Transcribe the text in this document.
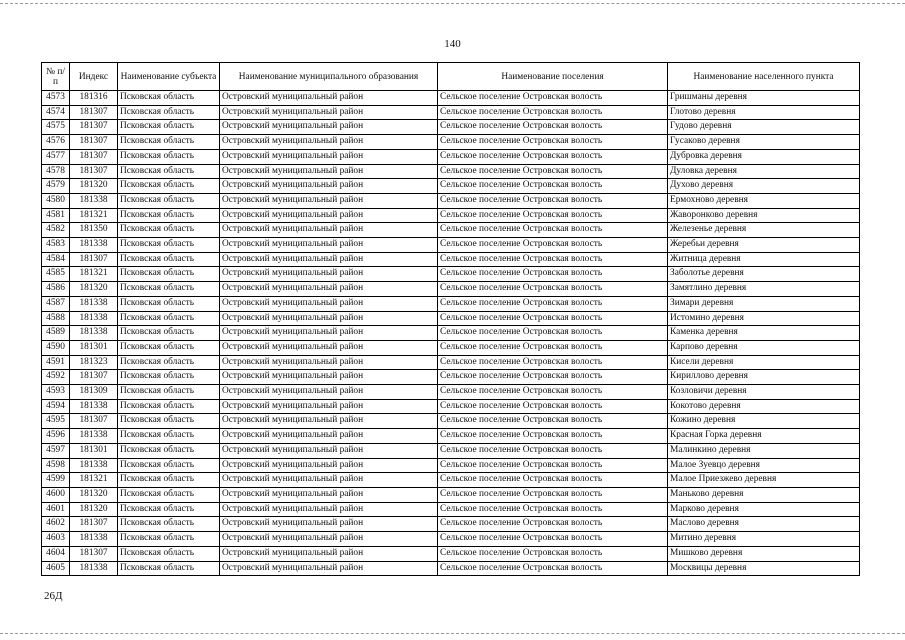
140
№ п/п	Индекс	Наименование субъекта	Наименование муниципального образования	Наименование поселения	Наименование населенного пункта
4573	181316	Псковская область	Островский муниципальный район	Сельское поселение Островская волость	Гришманы деревня
4574	181307	Псковская область	Островский муниципальный район	Сельское поселение Островская волость	Глотово деревня
4575	181307	Псковская область	Островский муниципальный район	Сельское поселение Островская волость	Гудово деревня
4576	181307	Псковская область	Островский муниципальный район	Сельское поселение Островская волость	Гусаково деревня
4577	181307	Псковская область	Островский муниципальный район	Сельское поселение Островская волость	Дубровка деревня
4578	181307	Псковская область	Островский муниципальный район	Сельское поселение Островская волость	Дуловка деревня
4579	181320	Псковская область	Островский муниципальный район	Сельское поселение Островская волость	Духово деревня
4580	181338	Псковская область	Островский муниципальный район	Сельское поселение Островская волость	Ермохново деревня
4581	181321	Псковская область	Островский муниципальный район	Сельское поселение Островская волость	Жаворонково деревня
4582	181350	Псковская область	Островский муниципальный район	Сельское поселение Островская волость	Железенье деревня
4583	181338	Псковская область	Островский муниципальный район	Сельское поселение Островская волость	Жеребьи деревня
4584	181307	Псковская область	Островский муниципальный район	Сельское поселение Островская волость	Житница деревня
4585	181321	Псковская область	Островский муниципальный район	Сельское поселение Островская волость	Заболотье деревня
4586	181320	Псковская область	Островский муниципальный район	Сельское поселение Островская волость	Замятлино деревня
4587	181338	Псковская область	Островский муниципальный район	Сельское поселение Островская волость	Зимари деревня
4588	181338	Псковская область	Островский муниципальный район	Сельское поселение Островская волость	Истомино деревня
4589	181338	Псковская область	Островский муниципальный район	Сельское поселение Островская волость	Каменка деревня
4590	181301	Псковская область	Островский муниципальный район	Сельское поселение Островская волость	Карпово деревня
4591	181323	Псковская область	Островский муниципальный район	Сельское поселение Островская волость	Кисели деревня
4592	181307	Псковская область	Островский муниципальный район	Сельское поселение Островская волость	Кириллово деревня
4593	181309	Псковская область	Островский муниципальный район	Сельское поселение Островская волость	Козловичи деревня
4594	181338	Псковская область	Островский муниципальный район	Сельское поселение Островская волость	Кокотово деревня
4595	181307	Псковская область	Островский муниципальный район	Сельское поселение Островская волость	Кожино деревня
4596	181338	Псковская область	Островский муниципальный район	Сельское поселение Островская волость	Красная Горка деревня
4597	181301	Псковская область	Островский муниципальный район	Сельское поселение Островская волость	Малинкино деревня
4598	181338	Псковская область	Островский муниципальный район	Сельское поселение Островская волость	Малое Зуевцо деревня
4599	181321	Псковская область	Островский муниципальный район	Сельское поселение Островская волость	Малое Приезжево деревня
4600	181320	Псковская область	Островский муниципальный район	Сельское поселение Островская волость	Маньково деревня
4601	181320	Псковская область	Островский муниципальный район	Сельское поселение Островская волость	Марково деревня
4602	181307	Псковская область	Островский муниципальный район	Сельское поселение Островская волость	Маслово деревня
4603	181338	Псковская область	Островский муниципальный район	Сельское поселение Островская волость	Митино деревня
4604	181307	Псковская область	Островский муниципальный район	Сельское поселение Островская волость	Мишково деревня
4605	181338	Псковская область	Островский муниципальный район	Сельское поселение Островская волость	Москвицы деревня
26Д
